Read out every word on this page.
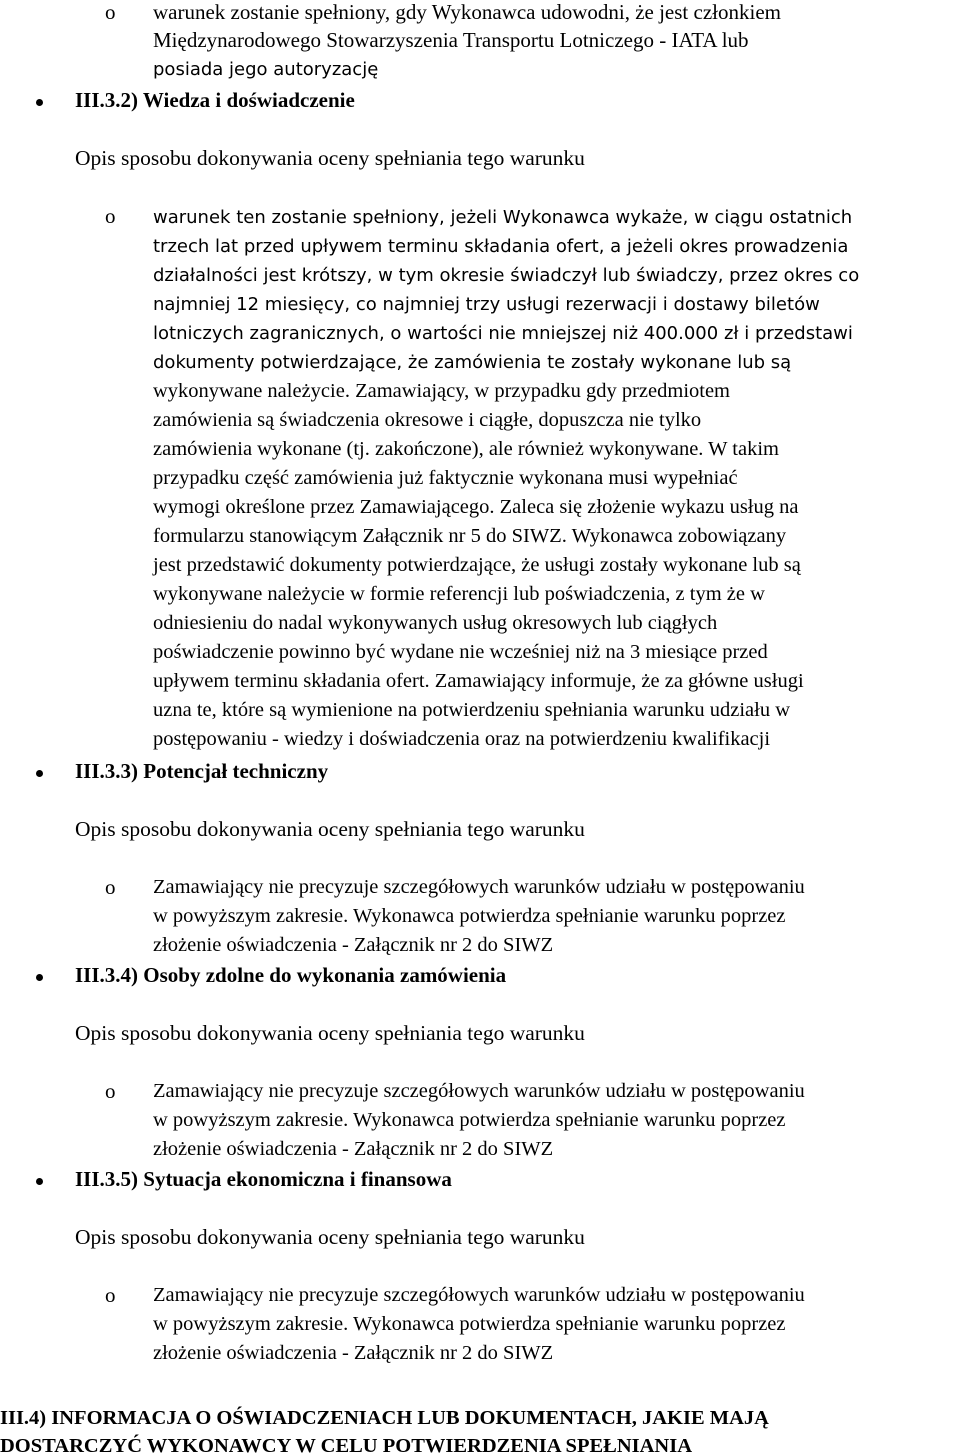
o warunek zostanie spełniony, gdy Wykonawca udowodni, że jest członkiem
Międzynarodowego Stowarzyszenia Transportu Lotniczego - IATA lub
posiada jego autoryzację
III.3.2) Wiedza i doświadczenie
Opis sposobu dokonywania oceny spełniania tego warunku
o warunek ten zostanie spełniony, jeżeli Wykonawca wykaże, w ciągu ostatnich
trzech lat przed upływem terminu składania ofert, a jeżeli okres prowadzenia
działalności jest krótszy, w tym okresie świadczył lub świadczy, przez okres co
najmniej 12 miesięcy, co najmniej trzy usługi rezerwacji i dostawy biletów
lotniczych zagranicznych, o wartości nie mniejszej niż 400.000 zł i przedstawi
dokumenty potwierdzające, że zamówienia te zostały wykonane lub są
wykonywane należycie. Zamawiający, w przypadku gdy przedmiotem
zamówienia są świadczenia okresowe i ciągłe, dopuszcza nie tylko
zamówienia wykonane (tj. zakończone), ale również wykonywane. W takim
przypadku część zamówienia już faktycznie wykonana musi wypełniać
wymogi określone przez Zamawiającego. Zaleca się złożenie wykazu usług na
formularzu stanowiącym Załącznik nr 5 do SIWZ. Wykonawca zobowiązany
jest przedstawić dokumenty potwierdzające, że usługi zostały wykonane lub są
wykonywane należycie w formie referencji lub poświadczenia, z tym że w
odniesieniu do nadal wykonywanych usług okresowych lub ciągłych
poświadczenie powinno być wydane nie wcześniej niż na 3 miesiące przed
upływem terminu składania ofert. Zamawiający informuje, że za główne usługi
uzna te, które są wymienione na potwierdzeniu spełniania warunku udziału w
postępowaniu - wiedzy i doświadczenia oraz na potwierdzeniu kwalifikacji
III.3.3) Potencjał techniczny
Opis sposobu dokonywania oceny spełniania tego warunku
o Zamawiający nie precyzuje szczegółowych warunków udziału w postępowaniu
w powyższym zakresie. Wykonawca potwierdza spełnianie warunku poprzez
złożenie oświadczenia - Załącznik nr 2 do SIWZ
III.3.4) Osoby zdolne do wykonania zamówienia
Opis sposobu dokonywania oceny spełniania tego warunku
o Zamawiający nie precyzuje szczegółowych warunków udziału w postępowaniu
w powyższym zakresie. Wykonawca potwierdza spełnianie warunku poprzez
złożenie oświadczenia - Załącznik nr 2 do SIWZ
III.3.5) Sytuacja ekonomiczna i finansowa
Opis sposobu dokonywania oceny spełniania tego warunku
o Zamawiający nie precyzuje szczegółowych warunków udziału w postępowaniu
w powyższym zakresie. Wykonawca potwierdza spełnianie warunku poprzez
złożenie oświadczenia - Załącznik nr 2 do SIWZ
III.4) INFORMACJA O OŚWIADCZENIACH LUB DOKUMENTACH, JAKIE MAJĄ
DOSTARCZYĆ WYKONAWCY W CELU POTWIERDZENIA SPEŁNIANIA
